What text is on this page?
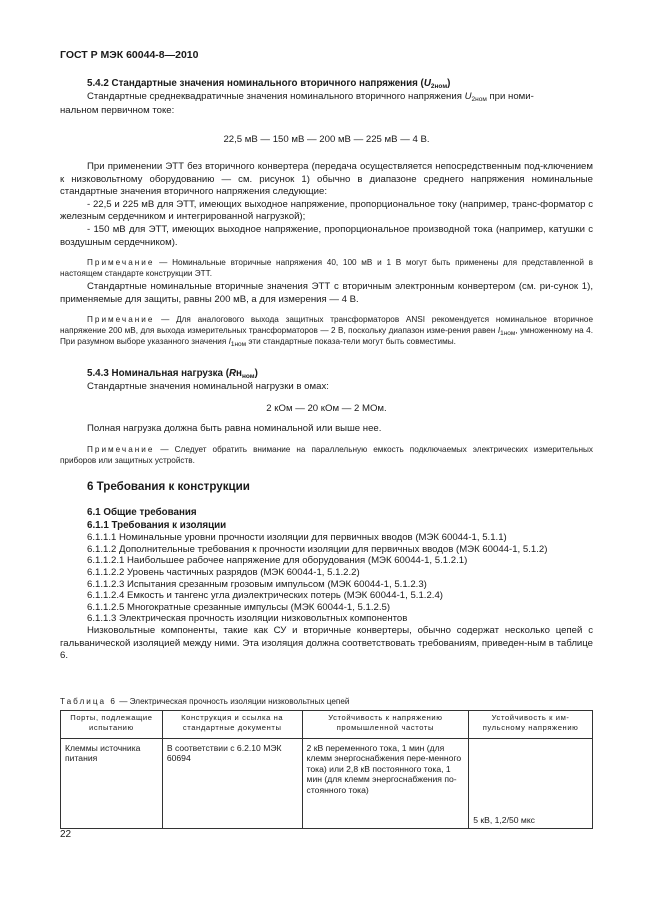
ГОСТ Р МЭК 60044-8—2010

5.4.2 Стандартные значения номинального вторичного напряжения $(U_{2ном})$

Стандартные среднеквадратичные значения номинального вторичного напряжения $U_{2ном}$ при номи-

нальном первичном токе:

22,5 мВ — 150 мВ — 200 мВ — 225 мВ — 4 В.

При применении ЭТТ без вторичного конвертера (передача осуществляется непосредственным под-ключением к низковольтному оборудованию — см. рисунок 1) обычно в диапазоне среднего напряжения номинальные стандартные значения вторичного напряжения следующие:

- 22,5 и 225 мВ для ЭТТ, имеющих выходное напряжение, пропорциональное току (например, транс-форматор с железным сердечником и интегрированной нагрузкой);

- 150 мВ для ЭТТ, имеющих выходное напряжение, пропорциональное производной тока (например, катушки с воздушным сердечником).

Примечание — Номинальные вторичные напряжения 40, 100 мВ и 1 В могут быть применены для представленной в настоящем стандарте конструкции ЭТТ.

Стандартные номинальные вторичные значения ЭТТ с вторичным электронным конвертером (см. ри-сунок 1), применяемые для защиты, равны 200 мВ, а для измерения — 4 В.

Примечание — Для аналогового выхода защитных трансформаторов ANSI рекомендуется номинальное вторичное напряжение 200 мВ, для выхода измерительных трансформаторов — 2 В, поскольку диапазон изме-рения равен $I_{1ном}$, умноженному на 4. При разумном выборе указанного значения $I_{1ном}$ эти стандартные показа-тели могут быть совместимы.

5.4.3 Номинальная нагрузка $(Rн_{ном})$

Стандартные значения номинальной нагрузки в омах:

2 кОм — 20 кОм — 2 МОм.

Полная нагрузка должна быть равна номинальной или выше нее.

Примечание — Следует обратить внимание на параллельную емкость подключаемых электрических измерительных приборов или защитных устройств.

6 Требования к конструкции

6.1 Общие требования

6.1.1 Требования к изоляции

6.1.1.1 Номинальные уровни прочности изоляции для первичных вводов (МЭК 60044-1, 5.1.1)

6.1.1.2 Дополнительные требования к прочности изоляции для первичных вводов (МЭК 60044-1, 5.1.2)

6.1.1.2.1 Наибольшее рабочее напряжение для оборудования (МЭК 60044-1, 5.1.2.1)

6.1.1.2.2 Уровень частичных разрядов (МЭК 60044-1, 5.1.2.2)

6.1.1.2.3 Испытания срезанным грозовым импульсом (МЭК 60044-1, 5.1.2.3)

6.1.1.2.4 Емкость и тангенс угла диэлектрических потерь (МЭК 60044-1, 5.1.2.4)

6.1.1.2.5 Многократные срезанные импульсы (МЭК 60044-1, 5.1.2.5)

6.1.1.3 Электрическая прочность изоляции низковольтных компонентов

Низковольтные компоненты, такие как СУ и вторичные конвертеры, обычно содержат несколько цепей с гальванической изоляцией между ними. Эта изоляция должна соответствовать требованиям, приведен-ным в таблице 6.

Таблица 6 — Электрическая прочность изоляции низковольтных цепей
Порты, подлежащие испытанию	Конструкция и ссылка на стандартные документы	Устойчивость к напряжению промышленной частоты	Устойчивость к им-пульсному напряжению
Клеммы источника питания	В соответствии с 6.2.10 МЭК 60694	2 кВ переменного тока, 1 мин (для клемм энергоснабжения пере-менного тока) или 2,8 кВ постоянного тока, 1 мин (для клемм энергоснабжения по-стоянного тока)	5 кВ, 1,2/50 мкс
22
